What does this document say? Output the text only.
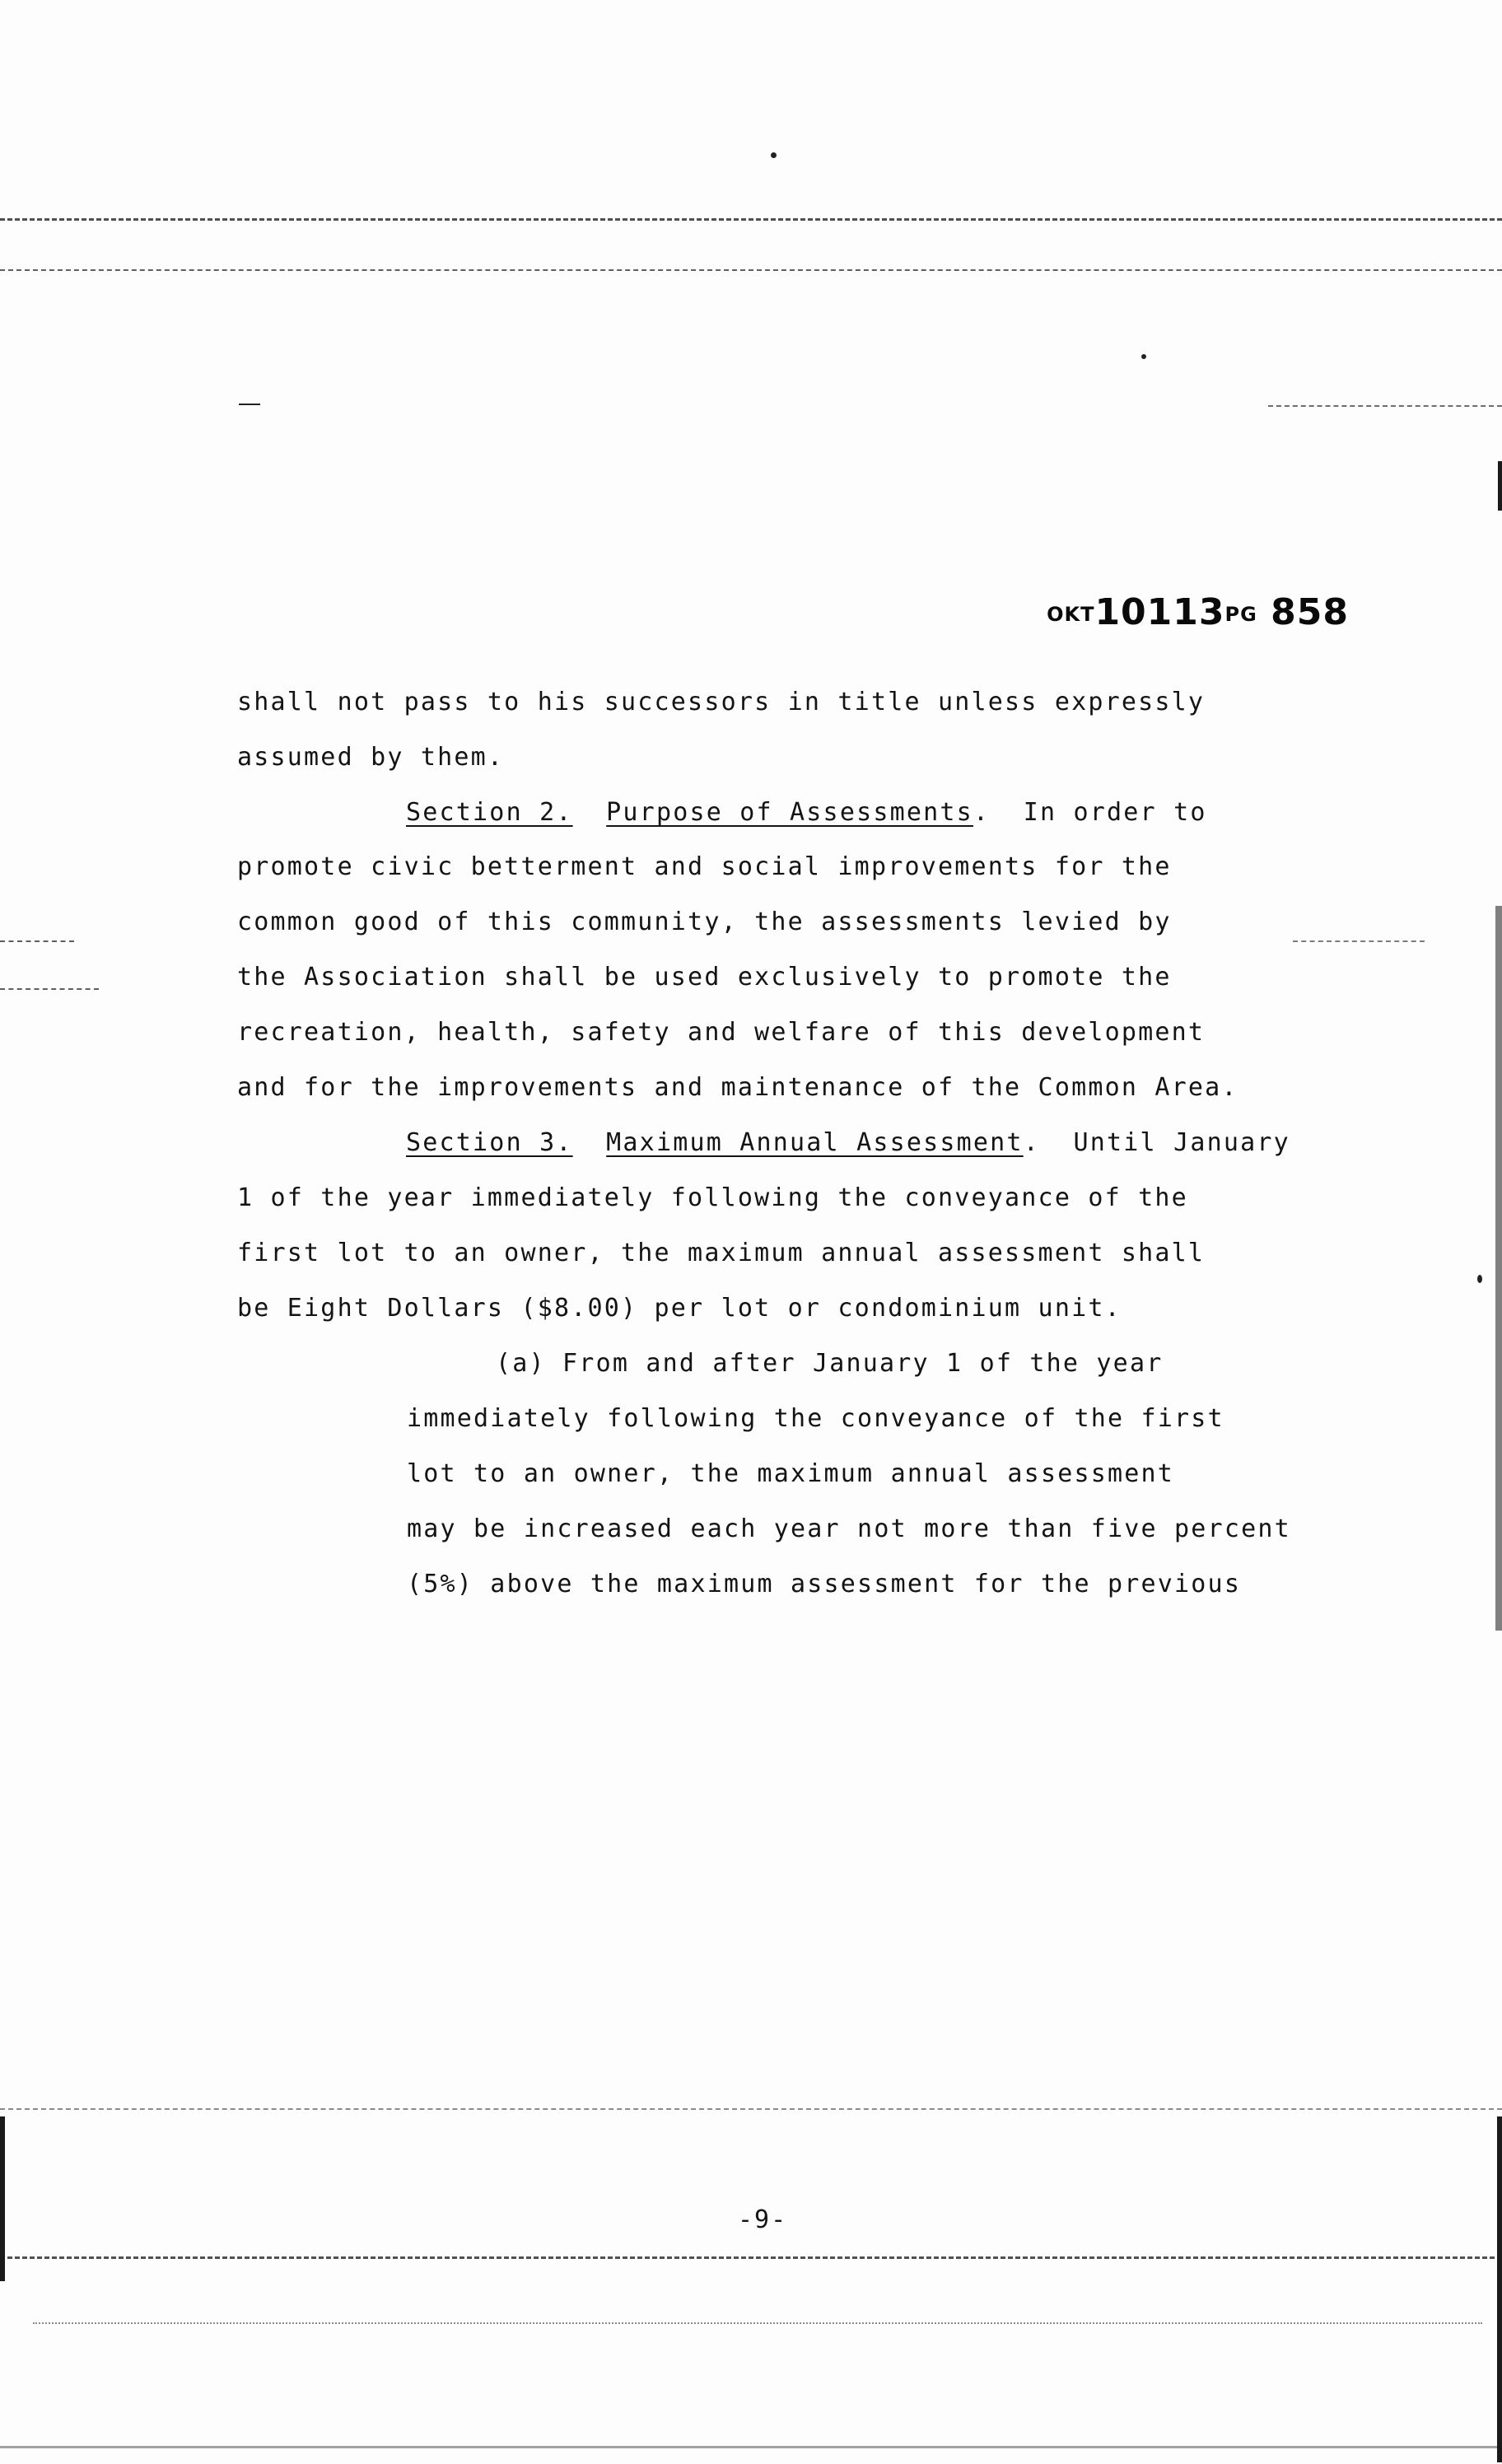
OKT10113PG 858
shall not pass to his successors in title unless expressly
assumed by them.
Section 2. Purpose of Assessments. In order to
promote civic betterment and social improvements for the
common good of this community, the assessments levied by
the Association shall be used exclusively to promote the
recreation, health, safety and welfare of this development
and for the improvements and maintenance of the Common Area.
Section 3. Maximum Annual Assessment. Until January
1 of the year immediately following the conveyance of the
first lot to an owner, the maximum annual assessment shall
be Eight Dollars ($8.00) per lot or condominium unit.
(a) From and after January 1 of the year
immediately following the conveyance of the first
lot to an owner, the maximum annual assessment
may be increased each year not more than five percent
(5%) above the maximum assessment for the previous
-9-
